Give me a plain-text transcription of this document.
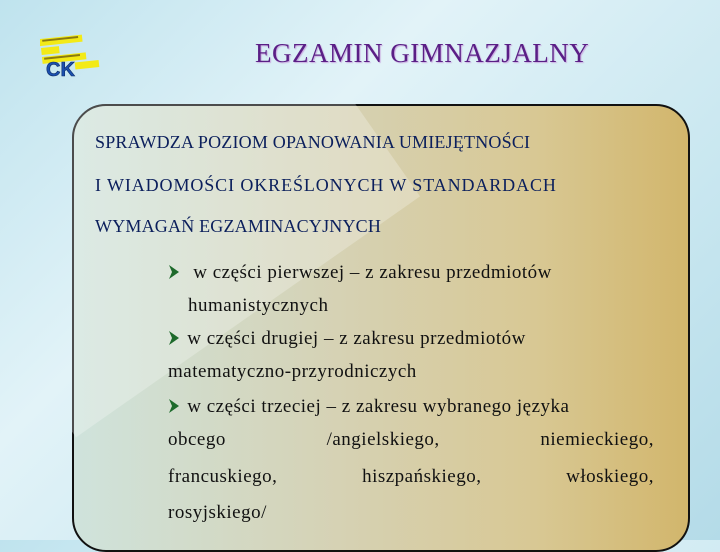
CK
EGZAMIN GIMNAZJALNY
SPRAWDZA POZIOM OPANOWANIA UMIEJĘTNOŚCI
I WIADOMOŚCI OKREŚLONYCH W STANDARDACH
WYMAGAŃ EGZAMINACYJNYCH
w części pierwszej – z zakresu przedmiotów
humanistycznych
w części drugiej – z zakresu przedmiotów
matematyczno-przyrodniczych
w części trzeciej – z zakresu wybranego języka
obcego	/angielskiego,	niemieckiego,
francuskiego,	hiszpańskiego,	włoskiego,
rosyjskiego/
